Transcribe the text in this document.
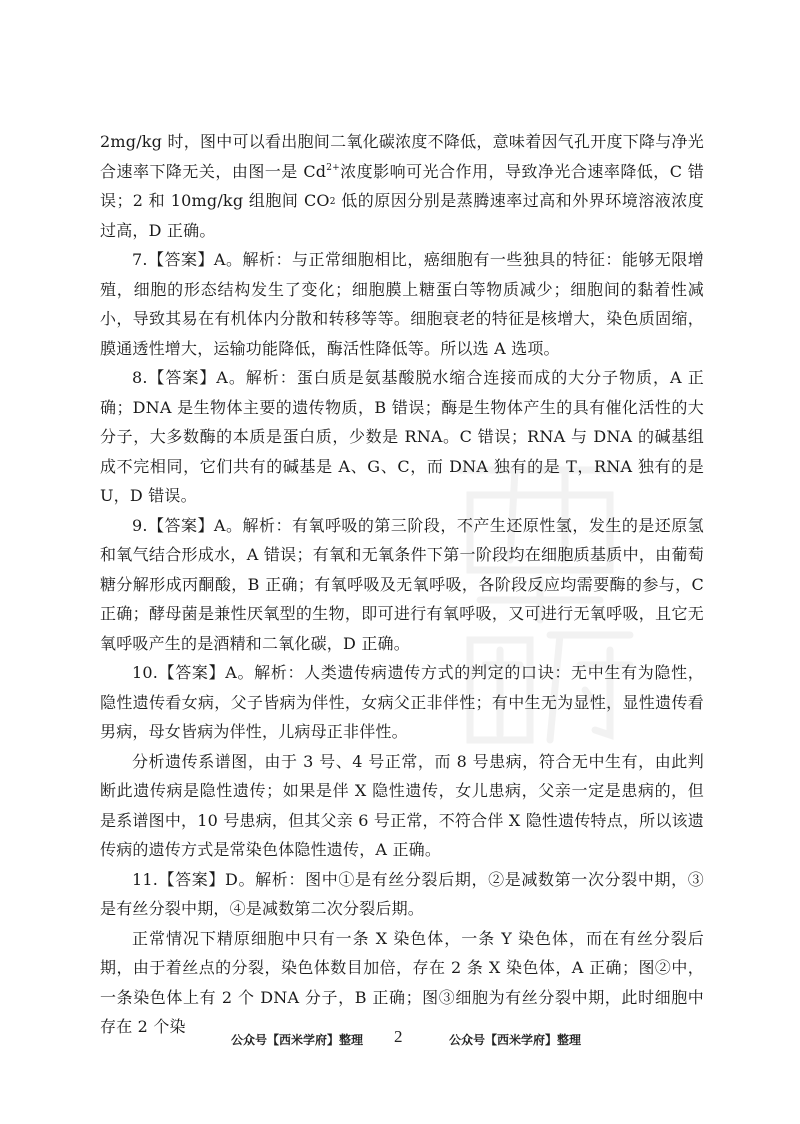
2mg/kg 时，图中可以看出胞间二氧化碳浓度不降低，意味着因气孔开度下降与净光合速率下降无关，由图一是 $Cd^{2+}$浓度影响可光合作用，导致净光合速率降低，C 错误；2 和 10mg/kg 组胞间 $CO_2$ 低的原因分别是蒸腾速率过高和外界环境溶液浓度过高，D 正确。

7.【答案】A。解析：与正常细胞相比，癌细胞有一些独具的特征：能够无限增殖，细胞的形态结构发生了变化；细胞膜上糖蛋白等物质减少；细胞间的黏着性减小，导致其易在有机体内分散和转移等等。细胞衰老的特征是核增大，染色质固缩，膜通透性增大，运输功能降低，酶活性降低等。所以选 A 选项。

8.【答案】A。解析：蛋白质是氨基酸脱水缩合连接而成的大分子物质，A 正确；DNA 是生物体主要的遗传物质，B 错误；酶是生物体产生的具有催化活性的大分子，大多数酶的本质是蛋白质，少数是 RNA。C 错误；RNA 与 DNA 的碱基组成不完相同，它们共有的碱基是 A、G、C，而 DNA 独有的是 T，RNA 独有的是 U，D 错误。

9.【答案】A。解析：有氧呼吸的第三阶段，不产生还原性氢，发生的是还原氢和氧气结合形成水，A 错误；有氧和无氧条件下第一阶段均在细胞质基质中，由葡萄糖分解形成丙酮酸，B 正确；有氧呼吸及无氧呼吸，各阶段反应均需要酶的参与，C 正确；酵母菌是兼性厌氧型的生物，即可进行有氧呼吸，又可进行无氧呼吸，且它无氧呼吸产生的是酒精和二氧化碳，D 正确。

10.【答案】A。解析：人类遗传病遗传方式的判定的口诀：无中生有为隐性，隐性遗传看女病，父子皆病为伴性，女病父正非伴性；有中生无为显性，显性遗传看男病，母女皆病为伴性，儿病母正非伴性。

分析遗传系谱图，由于 3 号、4 号正常，而 8 号患病，符合无中生有，由此判断此遗传病是隐性遗传；如果是伴 X 隐性遗传，女儿患病，父亲一定是患病的，但是系谱图中，10 号患病，但其父亲 6 号正常，不符合伴 X 隐性遗传特点，所以该遗传病的遗传方式是常染色体隐性遗传，A 正确。

11.【答案】D。解析：图中①是有丝分裂后期，②是减数第一次分裂中期，③是有丝分裂中期，④是减数第二次分裂后期。

正常情况下精原细胞中只有一条 X 染色体，一条 Y 染色体，而在有丝分裂后期，由于着丝点的分裂，染色体数目加倍，存在 2 条 X 染色体，A 正确；图②中，一条染色体上有 2 个 DNA 分子，B 正确；图③细胞为有丝分裂中期，此时细胞中存在 2 个染

公众号【西米学府】整理 2	公众号【西米学府】整理
